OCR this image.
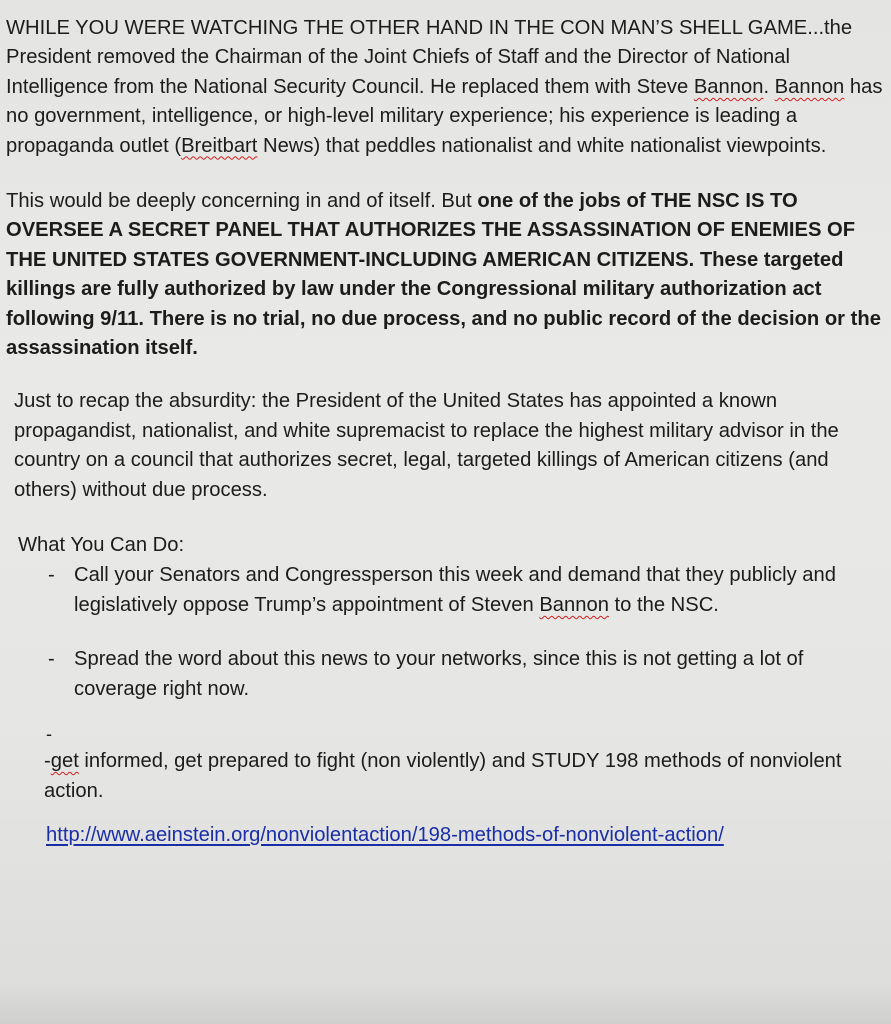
WHILE YOU WERE WATCHING THE OTHER HAND IN THE CON MAN’S SHELL GAME...the President removed the Chairman of the Joint Chiefs of Staff and the Director of National Intelligence from the National Security Council. He replaced them with Steve Bannon. Bannon has no government, intelligence, or high-level military experience; his experience is leading a propaganda outlet (Breitbart News) that peddles nationalist and white nationalist viewpoints.

This would be deeply concerning in and of itself. But one of the jobs of THE NSC IS TO OVERSEE A SECRET PANEL THAT AUTHORIZES THE ASSASSINATION OF ENEMIES OF THE UNITED STATES GOVERNMENT-INCLUDING AMERICAN CITIZENS. These targeted killings are fully authorized by law under the Congressional military authorization act following 9/11. There is no trial, no due process, and no public record of the decision or the assassination itself.

Just to recap the absurdity: the President of the United States has appointed a known propagandist, nationalist, and white supremacist to replace the highest military advisor in the country on a council that authorizes secret, legal, targeted killings of American citizens (and others) without due process.

What You Can Do:
- Call your Senators and Congressperson this week and demand that they publicly and legislatively oppose Trump’s appointment of Steven Bannon to the NSC.
- Spread the word about this news to your networks, since this is not getting a lot of coverage right now.
-

-get informed, get prepared to fight (non violently) and STUDY 198 methods of nonviolent action.

http://www.aeinstein.org/nonviolentaction/198-methods-of-nonviolent-action/
